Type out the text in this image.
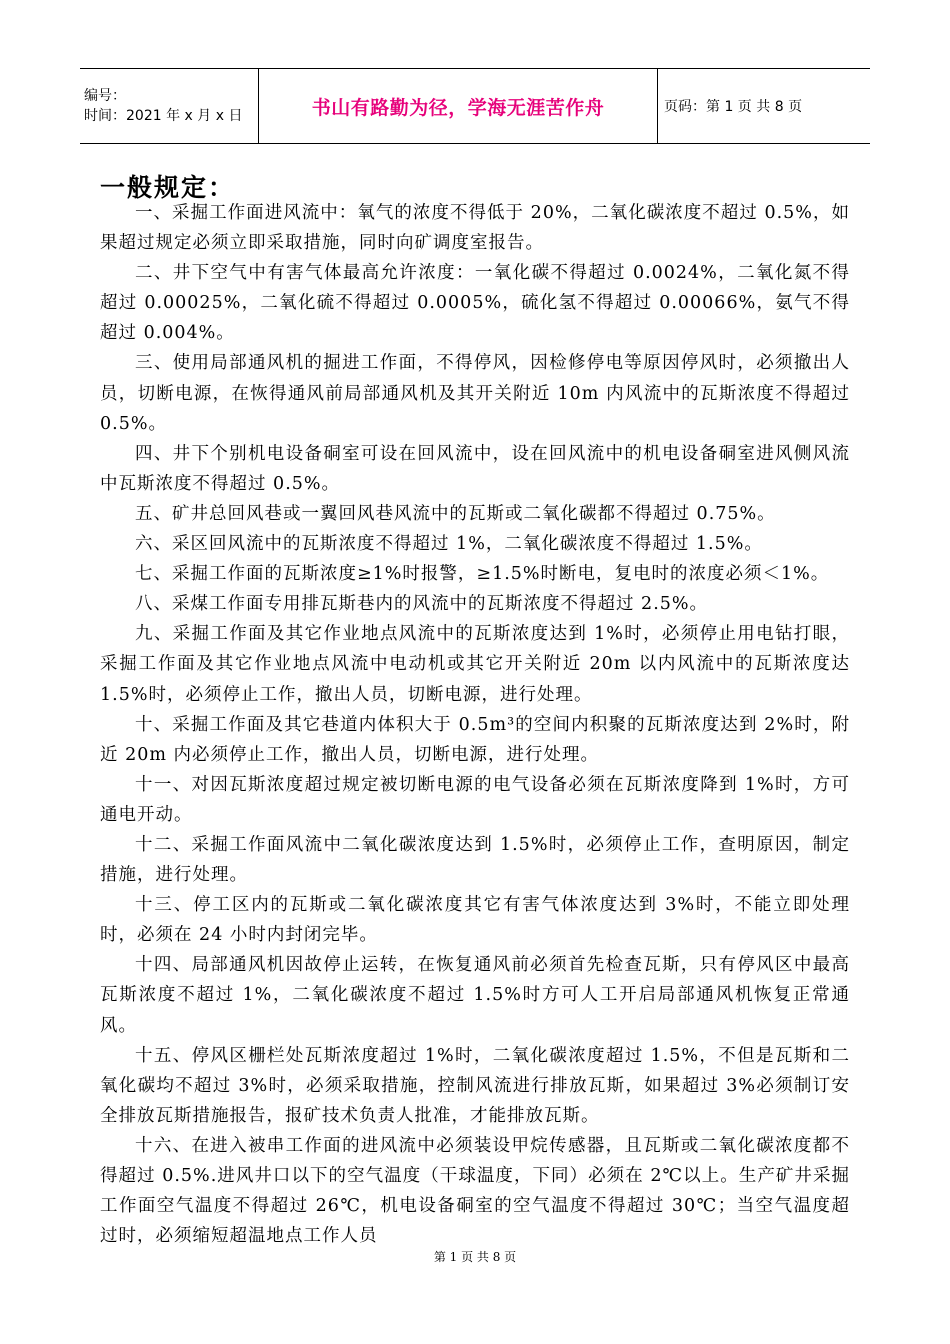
编号：
时间：2021 年 x 月 x 日	书山有路勤为径，学海无涯苦作舟	页码：第 1 页 共 8 页
一般规定：

一、采掘工作面进风流中：氧气的浓度不得低于 20%，二氧化碳浓度不超过 0.5%，如果超过规定必须立即采取措施，同时向矿调度室报告。

二、井下空气中有害气体最高允许浓度：一氧化碳不得超过 0.0024%，二氧化氮不得超过 0.00025%，二氧化硫不得超过 0.0005%，硫化氢不得超过 0.00066%，氨气不得超过 0.004%。

三、使用局部通风机的掘进工作面，不得停风，因检修停电等原因停风时，必须撤出人员，切断电源，在恢得通风前局部通风机及其开关附近 10m 内风流中的瓦斯浓度不得超过 0.5%。

四、井下个别机电设备硐室可设在回风流中，设在回风流中的机电设备硐室进风侧风流中瓦斯浓度不得超过 0.5%。

五、矿井总回风巷或一翼回风巷风流中的瓦斯或二氧化碳都不得超过 0.75%。

六、采区回风流中的瓦斯浓度不得超过 1%，二氧化碳浓度不得超过 1.5%。

七、采掘工作面的瓦斯浓度≥1%时报警，≥1.5%时断电，复电时的浓度必须＜1%。

八、采煤工作面专用排瓦斯巷内的风流中的瓦斯浓度不得超过 2.5%。

九、采掘工作面及其它作业地点风流中的瓦斯浓度达到 1%时，必须停止用电钻打眼，采掘工作面及其它作业地点风流中电动机或其它开关附近 20m 以内风流中的瓦斯浓度达 1.5%时，必须停止工作，撤出人员，切断电源，进行处理。

十、采掘工作面及其它巷道内体积大于 0.5m³的空间内积聚的瓦斯浓度达到 2%时，附近 20m 内必须停止工作，撤出人员，切断电源，进行处理。

十一、对因瓦斯浓度超过规定被切断电源的电气设备必须在瓦斯浓度降到 1%时，方可通电开动。

十二、采掘工作面风流中二氧化碳浓度达到 1.5%时，必须停止工作，查明原因，制定措施，进行处理。

十三、停工区内的瓦斯或二氧化碳浓度其它有害气体浓度达到 3%时，不能立即处理时，必须在 24 小时内封闭完毕。

十四、局部通风机因故停止运转，在恢复通风前必须首先检查瓦斯，只有停风区中最高瓦斯浓度不超过 1%，二氧化碳浓度不超过 1.5%时方可人工开启局部通风机恢复正常通风。

十五、停风区栅栏处瓦斯浓度超过 1%时，二氧化碳浓度超过 1.5%，不但是瓦斯和二氧化碳均不超过 3%时，必须采取措施，控制风流进行排放瓦斯，如果超过 3%必须制订安全排放瓦斯措施报告，报矿技术负责人批准，才能排放瓦斯。

十六、在进入被串工作面的进风流中必须装设甲烷传感器，且瓦斯或二氧化碳浓度都不得超过 0.5%.进风井口以下的空气温度（干球温度，下同）必须在 2℃以上。生产矿井采掘工作面空气温度不得超过 26℃，机电设备硐室的空气温度不得超过 30℃；当空气温度超过时，必须缩短超温地点工作人员

第 1 页 共 8 页
